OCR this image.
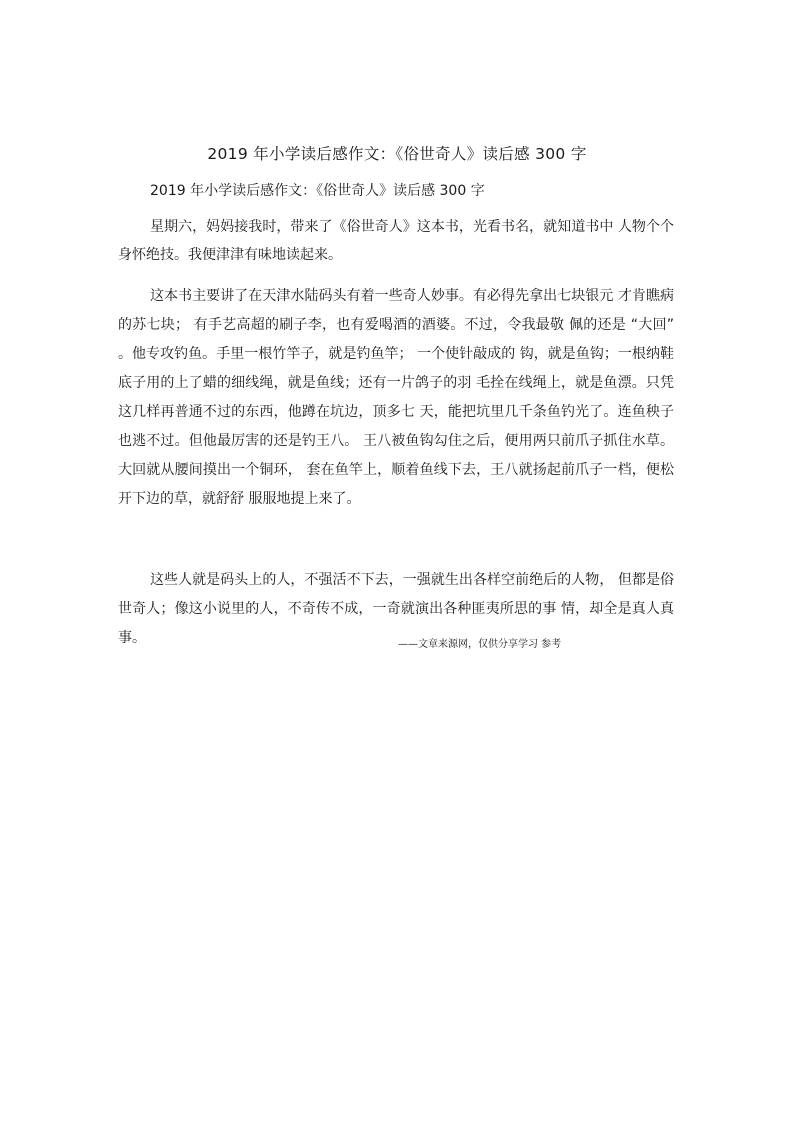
2019 年小学读后感作文：《俗世奇人》读后感 300 字
2019 年小学读后感作文：《俗世奇人》读后感 300 字

星期六，妈妈接我时，带来了《俗世奇人》这本书，光看书名，就知道书中 人物个个身怀绝技。我便津津有味地读起来。

这本书主要讲了在天津水陆码头有着一些奇人妙事。有必得先拿出七块银元 才肯瞧病的苏七块； 有手艺高超的刷子李，也有爱喝酒的酒婆。不过，令我最敬 佩的还是 “大回” 。他专攻钓鱼。手里一根竹竿子，就是钓鱼竿； 一个使针敲成的 钩，就是鱼钩；一根纳鞋底子用的上了蜡的细线绳，就是鱼线；还有一片鸽子的羽 毛拴在线绳上，就是鱼漂。只凭这几样再普通不过的东西，他蹲在坑边，顶多七 天，能把坑里几千条鱼钓光了。连鱼秧子也逃不过。但他最厉害的还是钓王八。 王八被鱼钩勾住之后，便用两只前爪子抓住水草。大回就从腰间摸出一个铜环， 套在鱼竿上，顺着鱼线下去，王八就扬起前爪子一档，便松开下边的草，就舒舒 服服地提上来了。

这些人就是码头上的人，不强活不下去，一强就生出各样空前绝后的人物， 但都是俗世奇人；像这小说里的人，不奇传不成，一奇就演出各种匪夷所思的事 情，却全是真人真事。	——文章来源网，仅供分享学习 参考
